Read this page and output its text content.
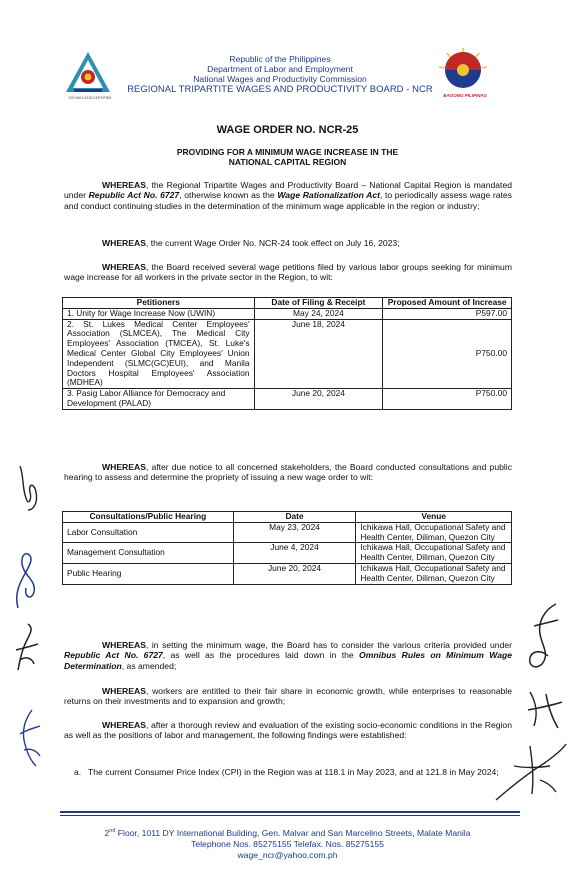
ISO 9001:2015 CERTIFIED
Republic of the Philippines
Department of Labor and Employment
National Wages and Productivity Commission
REGIONAL TRIPARTITE WAGES AND PRODUCTIVITY BOARD - NCR
BAGONG PILIPINAS
WAGE ORDER NO. NCR-25
PROVIDING FOR A MINIMUM WAGE INCREASE IN THE
NATIONAL CAPITAL REGION
WHEREAS, the Regional Tripartite Wages and Productivity Board – National Capital Region is mandated under Republic Act No. 6727, otherwise known as the Wage Rationalization Act, to periodically assess wage rates and conduct continuing studies in the determination of the minimum wage applicable in the region or industry;
WHEREAS, the current Wage Order No. NCR-24 took effect on July 16, 2023;
WHEREAS, the Board received several wage petitions filed by various labor groups seeking for minimum wage increase for all workers in the private sector in the Region, to wit:
Petitioners	Date of Filing & Receipt	Proposed Amount of Increase
1. Unity for Wage Increase Now (UWIN)	May 24, 2024	P597.00
2. St. Lukes Medical Center Employees' Association (SLMCEA), The Medical City Employees' Association (TMCEA), St. Luke's Medical Center Global City Employees' Union Independent (SLMC(GC)EUI), and Manila Doctors Hospital Employees' Association (MDHEA)	June 18, 2024	P750.00
3. Pasig Labor Alliance for Democracy and Development (PALAD)	June 20, 2024	P750.00
WHEREAS, after due notice to all concerned stakeholders, the Board conducted consultations and public hearing to assess and determine the propriety of issuing a new wage order to wit:
Consultations/Public Hearing	Date	Venue
Labor Consultation	May 23, 2024	Ichikawa Hall, Occupational Safety and Health Center, Diliman, Quezon City
Management Consultation	June 4, 2024	Ichikawa Hall, Occupational Safety and Health Center, Diliman, Quezon City
Public Hearing	June 20, 2024	Ichikawa Hall, Occupational Safety and Health Center, Diliman, Quezon City
WHEREAS, in setting the minimum wage, the Board has to consider the various criteria provided under Republic Act No. 6727, as well as the procedures laid down in the Omnibus Rules on Minimum Wage Determination, as amended;
WHEREAS, workers are entitled to their fair share in economic growth, while enterprises to reasonable returns on their investments and to expansion and growth;
WHEREAS, after a thorough review and evaluation of the existing socio-economic conditions in the Region as well as the positions of labor and management, the following findings were established:
a. The current Consumer Price Index (CPI) in the Region was at 118.1 in May 2023, and at 121.8 in May 2024;
2nd Floor, 1011 DY International Building, Gen. Malvar and San Marcelino Streets, Malate Manila
Telephone Nos. 85275155 Telefax. Nos. 85275155
wage_ncr@yahoo.com.ph
